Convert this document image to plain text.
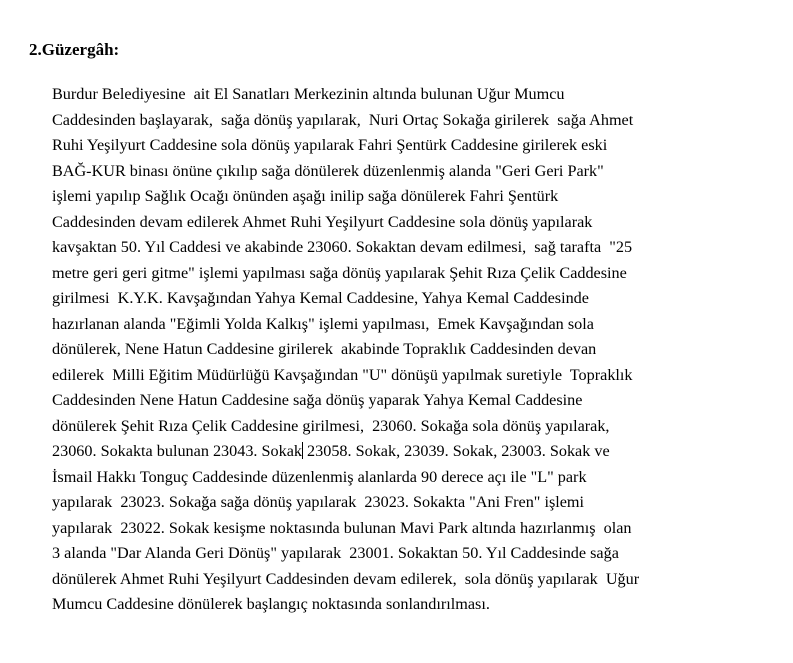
2.Güzergâh:
Burdur Belediyesine  ait El Sanatları Merkezinin altında bulunan Uğur Mumcu
Caddesinden başlayarak,  sağa dönüş yapılarak,  Nuri Ortaç Sokağa girilerek  sağa Ahmet
Ruhi Yeşilyurt Caddesine sola dönüş yapılarak Fahri Şentürk Caddesine girilerek eski
BAĞ-KUR binası önüne çıkılıp sağa dönülerek düzenlenmiş alanda "Geri Geri Park"
işlemi yapılıp Sağlık Ocağı önünden aşağı inilip sağa dönülerek Fahri Şentürk
Caddesinden devam edilerek Ahmet Ruhi Yeşilyurt Caddesine sola dönüş yapılarak
kavşaktan 50. Yıl Caddesi ve akabinde 23060. Sokaktan devam edilmesi,  sağ tarafta  "25
metre geri geri gitme" işlemi yapılması sağa dönüş yapılarak Şehit Rıza Çelik Caddesine
girilmesi  K.Y.K. Kavşağından Yahya Kemal Caddesine, Yahya Kemal Caddesinde
hazırlanan alanda "Eğimli Yolda Kalkış" işlemi yapılması,  Emek Kavşağından sola
dönülerek, Nene Hatun Caddesine girilerek  akabinde Topraklık Caddesinden devan
edilerek  Milli Eğitim Müdürlüğü Kavşağından "U" dönüşü yapılmak suretiyle  Topraklık
Caddesinden Nene Hatun Caddesine sağa dönüş yaparak Yahya Kemal Caddesine
dönülerek Şehit Rıza Çelik Caddesine girilmesi,  23060. Sokağa sola dönüş yapılarak,
23060. Sokakta bulunan 23043. Sokak 23058. Sokak, 23039. Sokak, 23003. Sokak ve
İsmail Hakkı Tonguç Caddesinde düzenlenmiş alanlarda 90 derece açı ile "L" park
yapılarak  23023. Sokağa sağa dönüş yapılarak  23023. Sokakta "Ani Fren" işlemi
yapılarak  23022. Sokak kesişme noktasında bulunan Mavi Park altında hazırlanmış  olan
3 alanda "Dar Alanda Geri Dönüş" yapılarak  23001. Sokaktan 50. Yıl Caddesinde sağa
dönülerek Ahmet Ruhi Yeşilyurt Caddesinden devam edilerek,  sola dönüş yapılarak  Uğur
Mumcu Caddesine dönülerek başlangıç noktasında sonlandırılması.
